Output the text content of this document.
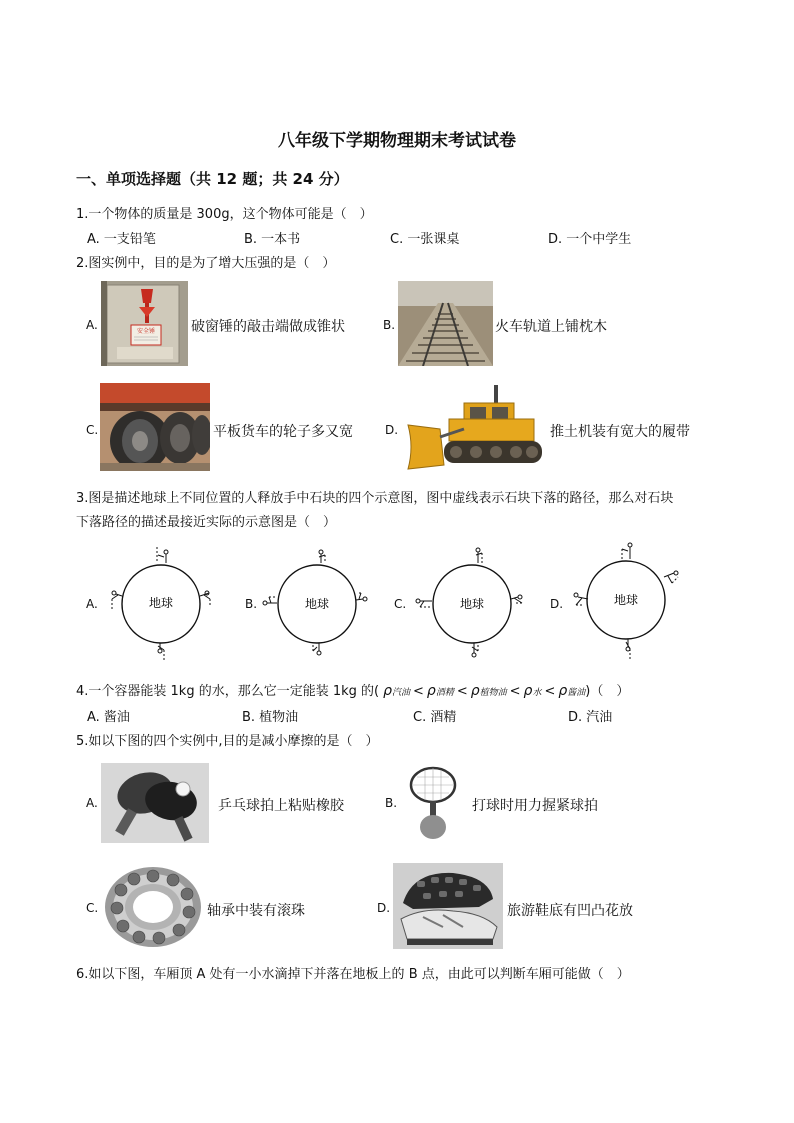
八年级下学期物理期末考试试卷
一、单项选择题（共 12 题；共 24 分）
1.一个物体的质量是 300g，这个物体可能是（　）
A. 一支铅笔	B. 一本书	C. 一张课桌	D. 一个中学生
2.图实例中，目的是为了增大压强的是（　）
A.	安全锤	破窗锤的敲击端做成锥状	B.	火车轨道上铺枕木
C.	平板货车的轮子多又宽	D.	推土机装有宽大的履带
3.图是描述地球上不同位置的人释放手中石块的四个示意图，图中虚线表示石块下落的路径，那么对石块
下落路径的描述最接近实际的示意图是（　）
A.	地球	B.	地球	C.	地球	D.	地球
4.一个容器能装 1kg 的水，那么它一定能装 1kg 的( ρ 汽油 < ρ 酒精 < ρ 植物油 < ρ 水 < ρ 酱油 )（　）
A. 酱油	B. 植物油	C. 酒精	D. 汽油
5.如以下图的四个实例中,目的是减小摩擦的是（　）
A.	乒乓球拍上粘贴橡胶	B.	打球时用力握紧球拍
C.	轴承中装有滚珠	D.	旅游鞋底有凹凸花放
6.如以下图，车厢顶 A 处有一小水滴掉下并落在地板上的 B 点，由此可以判断车厢可能做（　）
